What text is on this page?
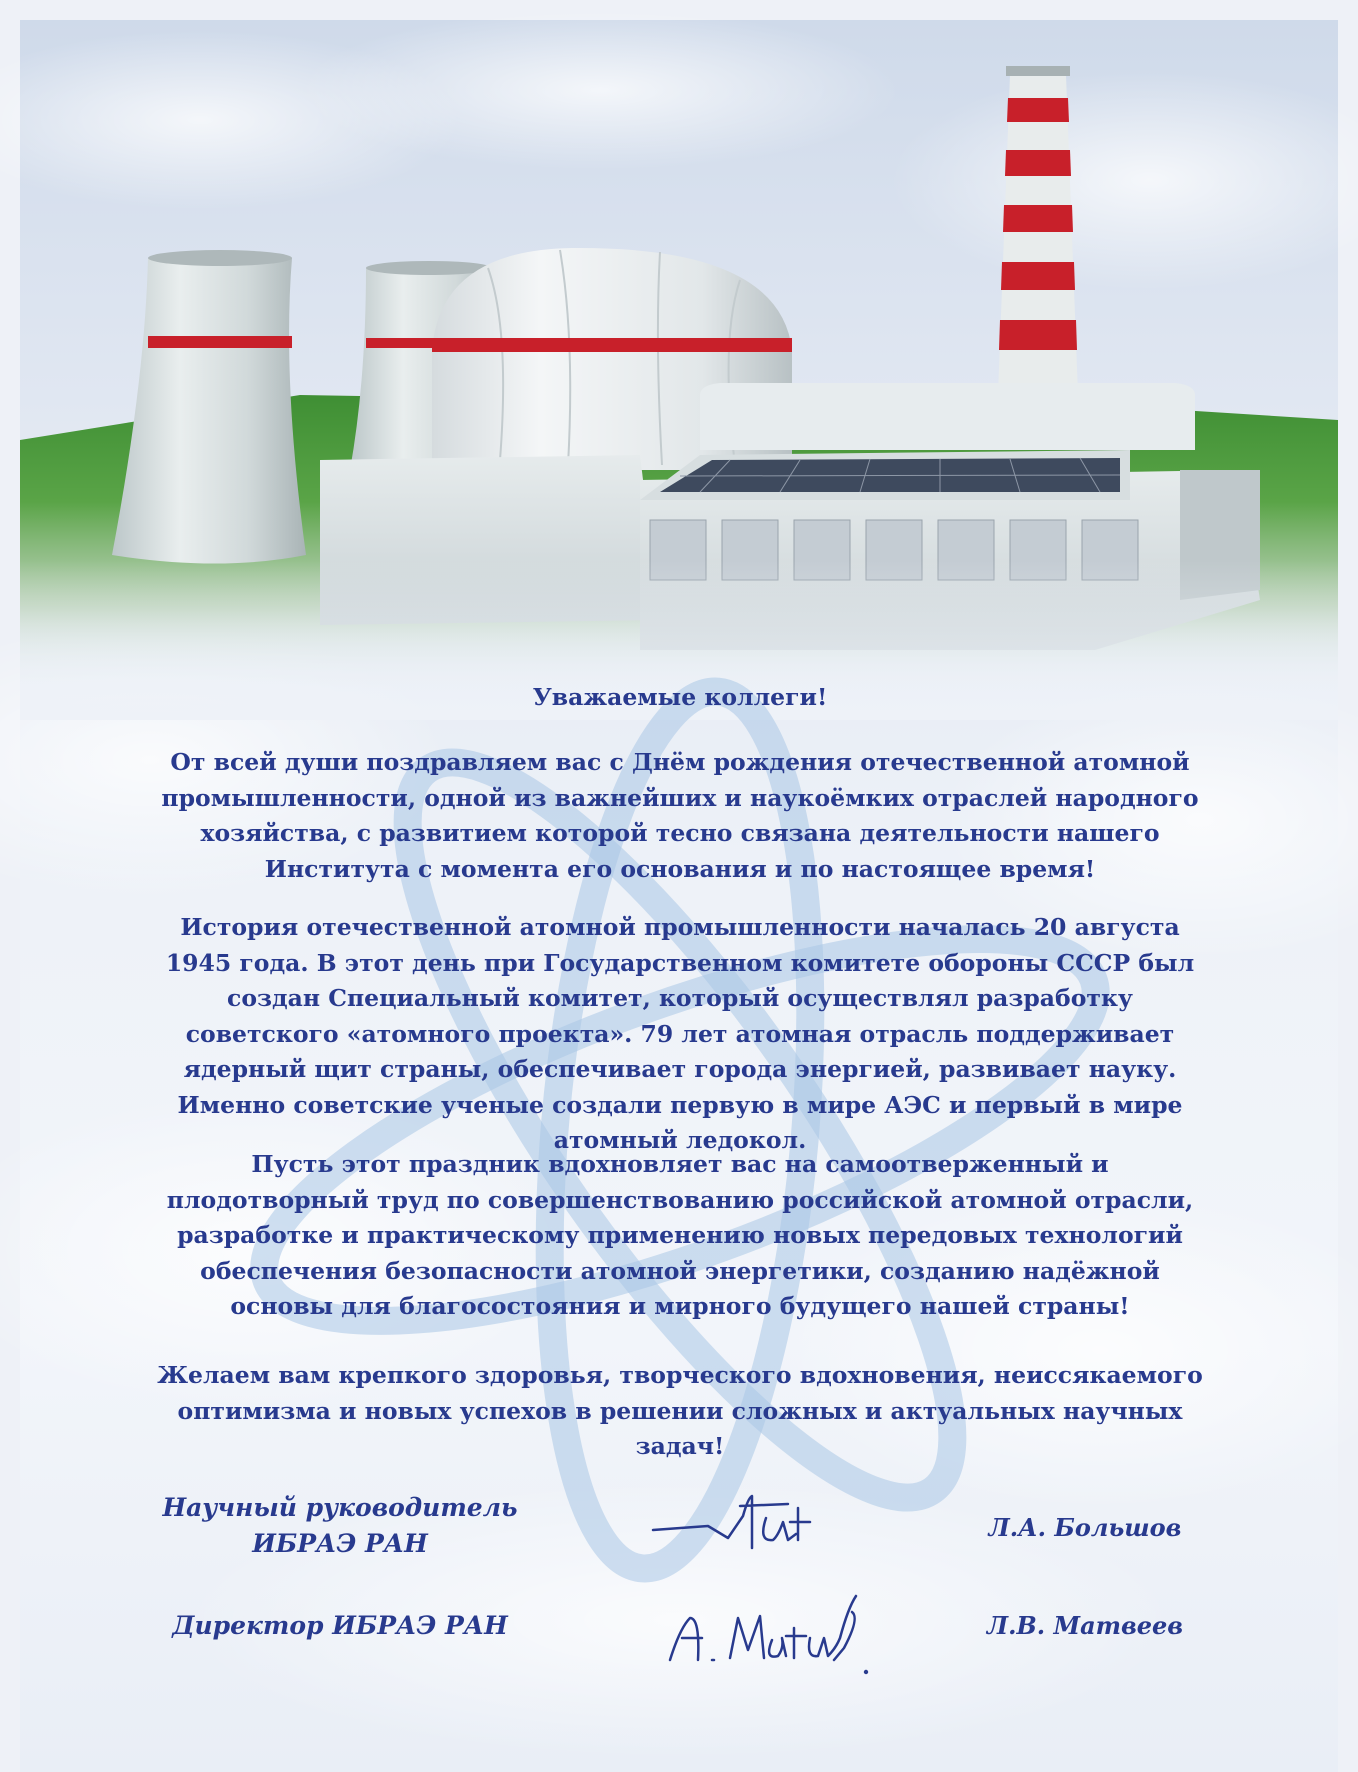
Уважаемые коллеги!

От всей души поздравляем вас с Днём рождения отечественной атомной промышленности, одной из важнейших и наукоёмких отраслей народного хозяйства, с развитием которой тесно связана деятельности нашего Института с момента его основания и по настоящее время!

История отечественной атомной промышленности началась 20 августа 1945 года. В этот день при Государственном комитете обороны СССР был создан Специальный комитет, который осуществлял разработку советского «атомного проекта». 79 лет атомная отрасль поддерживает ядерный щит страны, обеспечивает города энергией, развивает науку. Именно советские ученые создали первую в мире АЭС и первый в мире атомный ледокол.

Пусть этот праздник вдохновляет вас на самоотверженный и плодотворный труд по совершенствованию российской атомной отрасли, разработке и практическому применению новых передовых технологий обеспечения безопасности атомной энергетики, созданию надёжной основы для благосостояния и мирного будущего нашей страны!

Желаем вам крепкого здоровья, творческого вдохновения, неиссякаемого оптимизма и новых успехов в решении сложных и актуальных научных задач!

Научный руководитель
ИБРАЭ РАН
Л.А. Большов
Директор ИБРАЭ РАН	Л.В. Матвеев
